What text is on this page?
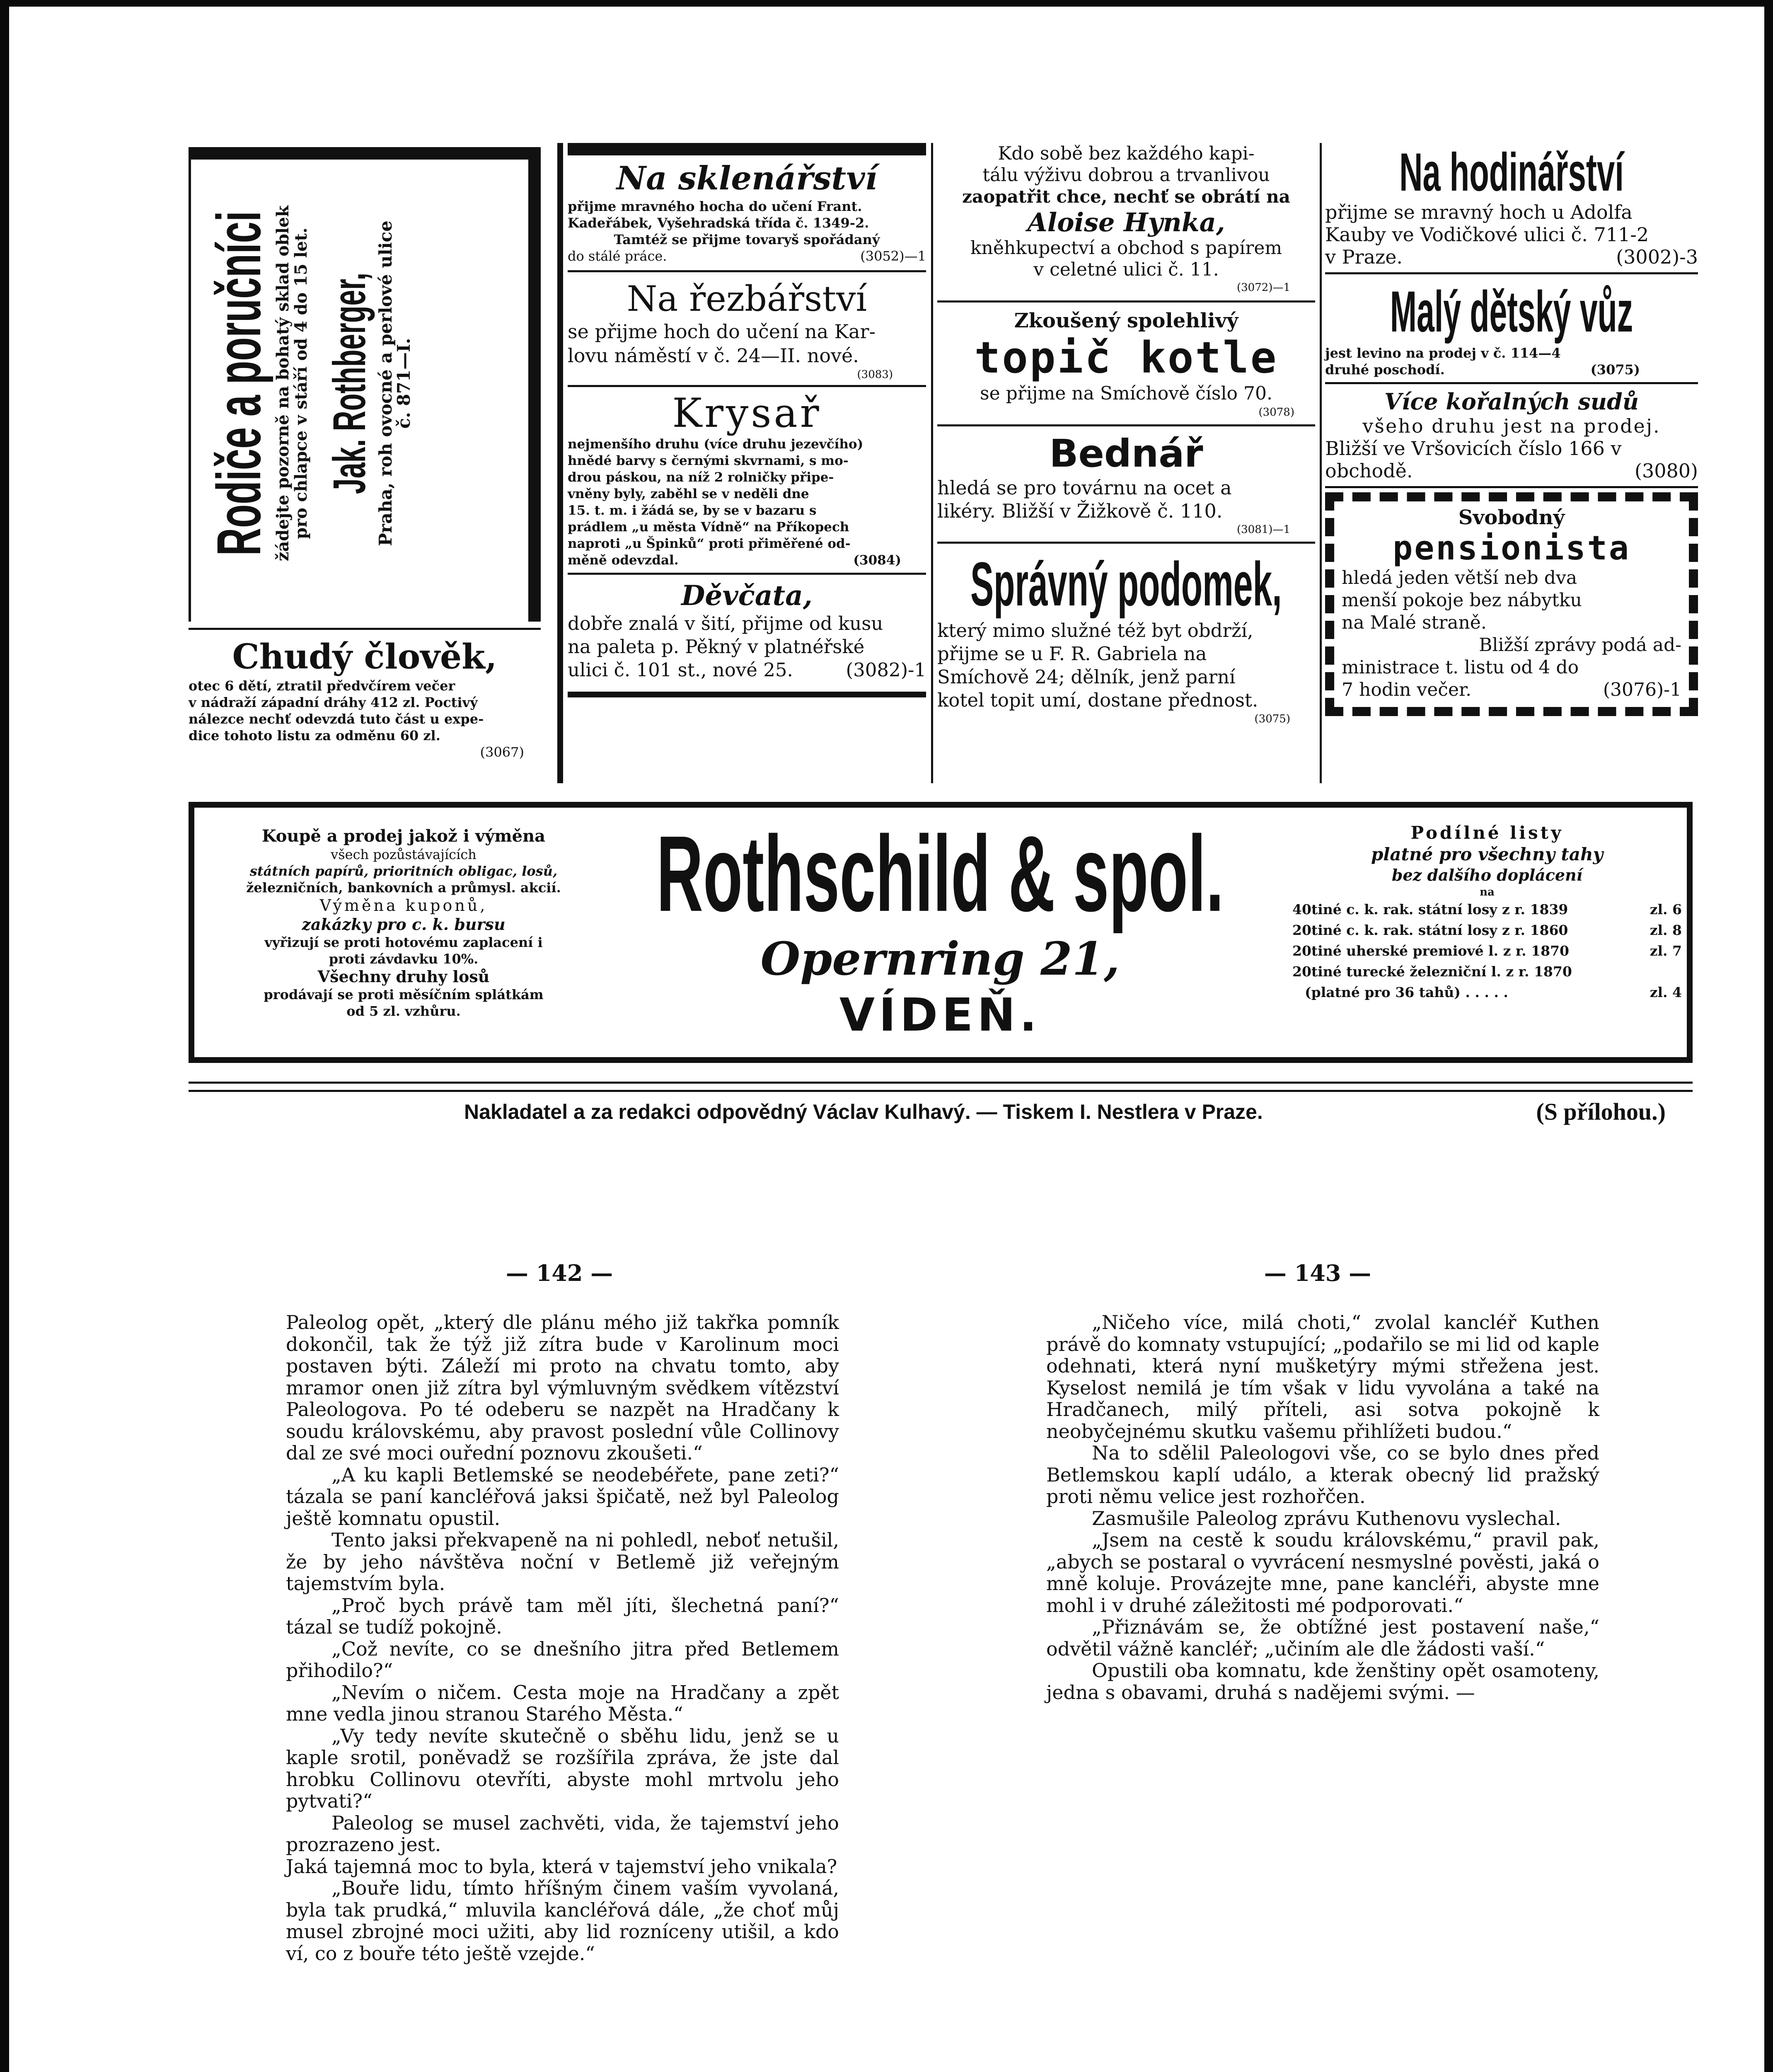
Rodiče a poručníci žádejte pozorně na bohatý sklad oblek
pro chlapce v stáří od 4 do 15 let. Jak. Rothberger, Praha, roh ovocné a perlové ulice
č. 871—I.
Chudý člověk,
otec 6 dětí, ztratil předvčírem večer
v nádraží západní dráhy 412 zl. Poctivý
nálezce nechť odevzdá tuto část u expe-
dice tohoto listu za odměnu 60 zl.
(3067)
Na sklenářství
přijme mravného hocha do učení Frant.
Kadeřábek, Vyšehradská třída č. 1349-2.
Tamtéž se přijme tovaryš spořádaný
do stálé práce.	(3052)—1
Na řezbářství
se přijme hoch do učení na Kar-
lovu náměstí v č. 24—II. nové.
(3083)
Krysař
nejmenšího druhu (více druhu jezevčího)
hnědé barvy s černými skvrnami, s mo-
drou páskou, na níž 2 rolničky připe-
vněny byly, zaběhl se v neděli dne
15. t. m. i žádá se, by se v bazaru s
prádlem „u města Vídně“ na Příkopech
naproti „u Špinků“ proti přiměřené od-
měně odevzdal.	(3084)
Děvčata,
dobře znalá v šití, přijme od kusu
na paleta p. Pěkný v platnéřské
ulici č. 101 st., nové 25.	(3082)-1
Kdo sobě bez každého kapi-
tálu výživu dobrou a trvanlivou
zaopatřit chce, nechť se obrátí na
Aloise Hynka,
kněhkupectví a obchod s papírem
v celetné ulici č. 11.
(3072)—1
Zkoušený spolehlivý
topič kotle
se přijme na Smíchově číslo 70.
(3078)
Bednář
hledá se pro továrnu na ocet a
likéry. Bližší v Žižkově č. 110.
(3081)—1
Správný podomek,
který mimo služné též byt obdrží,
přijme se u F. R. Gabriela na
Smíchově 24; dělník, jenž parní
kotel topit umí, dostane přednost.
(3075)
Na hodinářství
přijme se mravný hoch u Adolfa
Kauby ve Vodičkové ulici č. 711-2
v Praze.	(3002)-3
Malý dětský vůz
jest levino na prodej v č. 114—4
druhé poschodí.	(3075)
Více kořalných sudů
všeho druhu jest na prodej.
Bližší ve Vršovicích číslo 166 v
obchodě.	(3080)
Svobodný
pensionista
hledá jeden větší neb dva
menší pokoje bez nábytku
na Malé straně.
Bližší zprávy podá ad-
ministrace t. listu od 4 do
7 hodin večer.	(3076)-1
Koupě a prodej jakož i výměna
všech pozůstávajících
státních papírů, prioritních obligac, losů,
železničních, bankovních a průmysl. akcií.
Výměna kuponů,
zakázky pro c. k. bursu
vyřizují se proti hotovému zaplacení i
proti závdavku 10%.
Všechny druhy losů
prodávají se proti měsíčním splátkám
od 5 zl. vzhůru.
Rothschild & spol.
Opernring 21,
VÍDEŇ.
Podílné listy
platné pro všechny tahy
bez dalšího doplácení
na
40tiné c. k. rak. státní losy z r. 1839	zl. 6
20tiné c. k. rak. státní losy z r. 1860	zl. 8
20tiné uherské premiové l. z r. 1870	zl. 7
20tiné turecké železniční l. z r. 1870
(platné pro 36 tahů) . . . . .	zl. 4
Nakladatel a za redakci odpovědný Václav Kulhavý. — Tiskem I. Nestlera v Praze.	(S přílohou.)
— 142 —	— 143 —

Paleolog opět, „který dle plánu mého již takřka pomník dokončil, tak že týž již zítra bude v Karolinum moci postaven býti. Záleží mi proto na chvatu tomto, aby mramor onen již zítra byl výmluvným svědkem vítězství Paleologova. Po té odeberu se nazpět na Hradčany k soudu královskému, aby pravost poslední vůle Collinovy dal ze své moci ouřední poznovu zkoušeti.“

„A ku kapli Betlemské se neodebéřete, pane zeti?“ tázala se paní kancléřová jaksi špičatě, než byl Paleolog ještě komnatu opustil.

Tento jaksi překvapeně na ni pohledl, neboť netušil, že by jeho návštěva noční v Betlemě již veřejným tajemstvím byla.

„Proč bych právě tam měl jíti, šlechetná paní?“ tázal se tudíž pokojně.

„Což nevíte, co se dnešního jitra před Betlemem přihodilo?“

„Nevím o ničem. Cesta moje na Hradčany a zpět mne vedla jinou stranou Starého Města.“

„Vy tedy nevíte skutečně o sběhu lidu, jenž se u kaple srotil, poněvadž se rozšířila zpráva, že jste dal hrobku Collinovu otevříti, abyste mohl mrtvolu jeho pytvati?“

Paleolog se musel zachvěti, vida, že tajemství jeho prozrazeno jest.

Jaká tajemná moc to byla, která v tajemství jeho vnikala?

„Bouře lidu, tímto hříšným činem vaším vyvolaná, byla tak prudká,“ mluvila kancléřová dále, „že choť můj musel zbrojné moci užiti, aby lid rozníceny utišil, a kdo ví, co z bouře této ještě vzejde.“

„Ničeho více, milá choti,“ zvolal kancléř Kuthen právě do komnaty vstupující; „podařilo se mi lid od kaple odehnati, která nyní mušketýry mými střežena jest. Kyselost nemilá je tím však v lidu vyvolána a také na Hradčanech, milý příteli, asi sotva pokojně k neobyčejnému skutku vašemu přihlížeti budou.“

Na to sdělil Paleologovi vše, co se bylo dnes před Betlemskou kaplí událo, a kterak obecný lid pražský proti němu velice jest rozhořčen.

Zasmušile Paleolog zprávu Kuthenovu vyslechal.

„Jsem na cestě k soudu královskému,“ pravil pak, „abych se postaral o vyvrácení nesmyslné pověsti, jaká o mně koluje. Provázejte mne, pane kancléři, abyste mne mohl i v druhé záležitosti mé podporovati.“

„Přiznávám se, že obtížné jest postavení naše,“ odvětil vážně kancléř; „učiním ale dle žádosti vaší.“

Opustili oba komnatu, kde ženštiny opět osamoteny, jedna s obavami, druhá s nadějemi svými. —
